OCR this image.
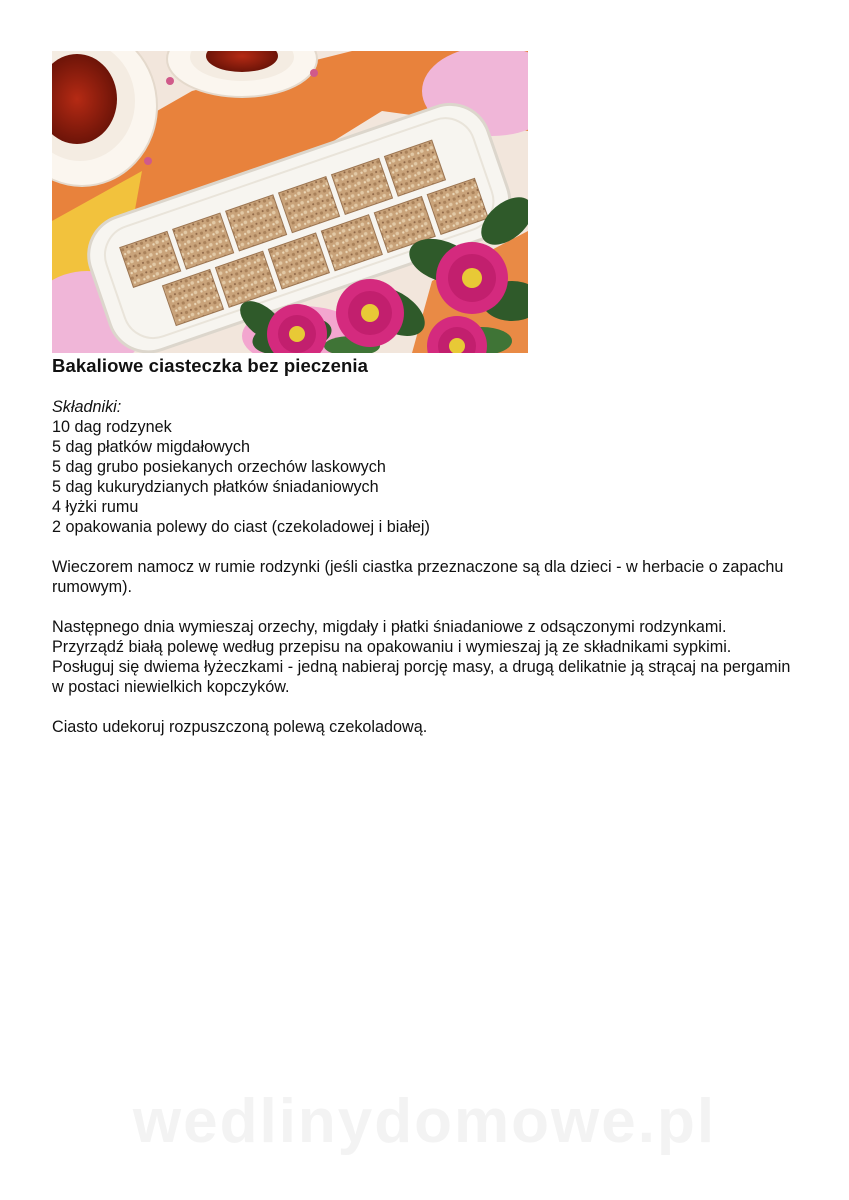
Bakaliowe ciasteczka bez pieczenia

Składniki:

10 dag rodzynek

5 dag płatków migdałowych

5 dag grubo posiekanych orzechów laskowych

5 dag kukurydzianych płatków śniadaniowych

4 łyżki rumu

2 opakowania polewy do ciast (czekoladowej i białej)

Wieczorem namocz w rumie rodzynki (jeśli ciastka przeznaczone są dla dzieci - w herbacie o zapachu rumowym).

Następnego dnia wymieszaj orzechy, migdały i płatki śniadaniowe z odsączonymi rodzynkami. Przyrządź białą polewę według przepisu na opakowaniu i wymieszaj ją ze składnikami sypkimi. Posługuj się dwiema łyżeczkami - jedną nabieraj porcję masy, a drugą delikatnie ją strącaj na pergamin w postaci niewielkich kopczyków.

Ciasto udekoruj rozpuszczoną polewą czekoladową.

wedlinydomowe.pl
